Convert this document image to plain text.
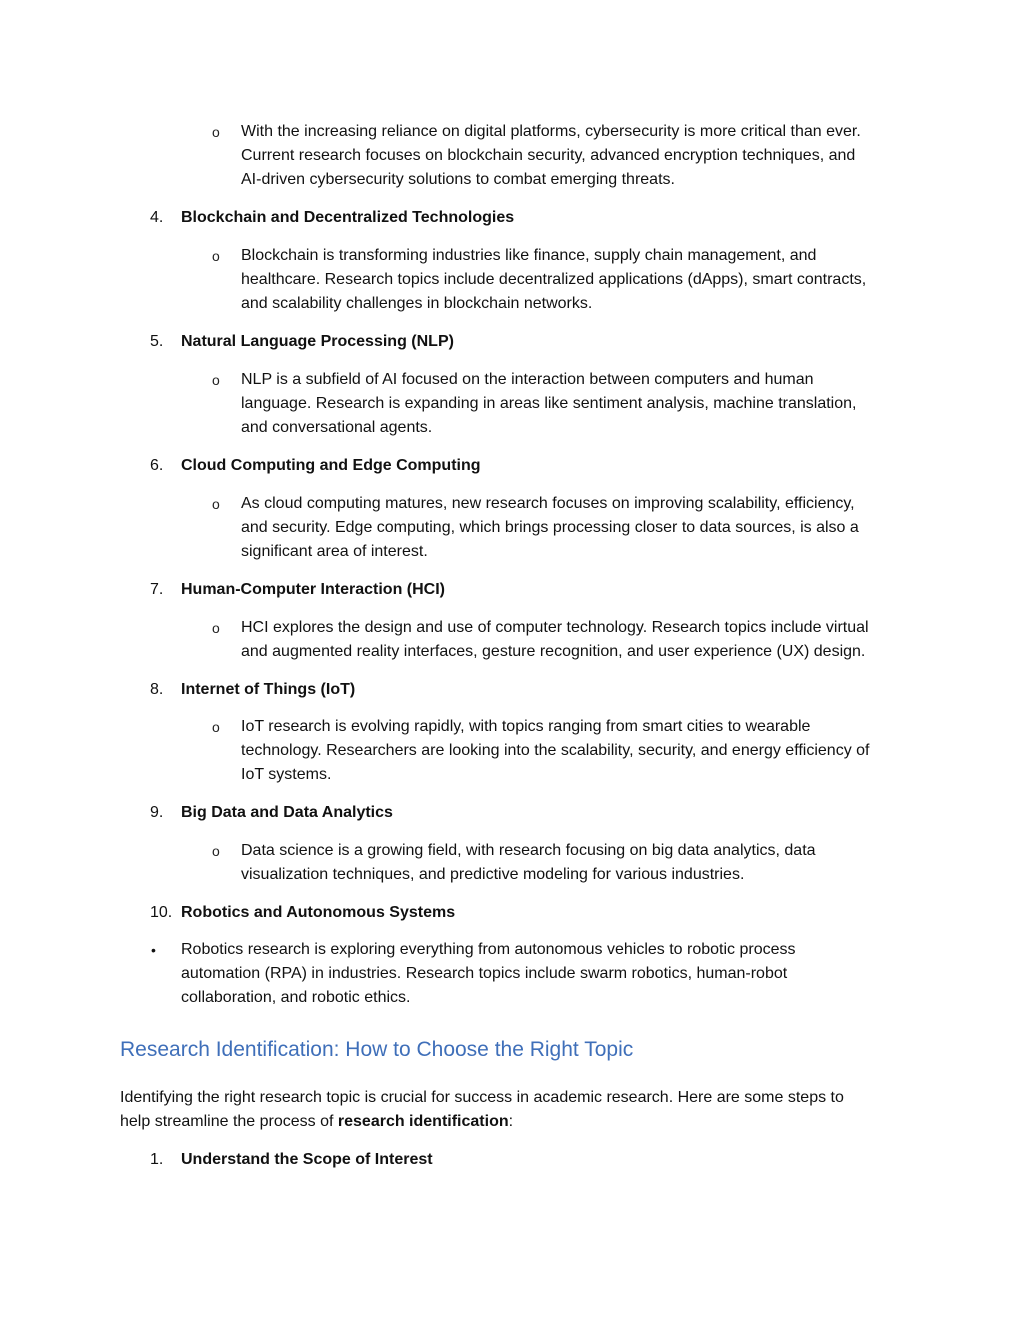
o With the increasing reliance on digital platforms, cybersecurity is more critical than ever.
Current research focuses on blockchain security, advanced encryption techniques, and
AI-driven cybersecurity solutions to combat emerging threats.

4.	Blockchain and Decentralized Technologies
o Blockchain is transforming industries like finance, supply chain management, and
healthcare. Research topics include decentralized applications (dApps), smart contracts,
and scalability challenges in blockchain networks.

5.	Natural Language Processing (NLP)
o NLP is a subfield of AI focused on the interaction between computers and human
language. Research is expanding in areas like sentiment analysis, machine translation,
and conversational agents.

6.	Cloud Computing and Edge Computing
o As cloud computing matures, new research focuses on improving scalability, efficiency,
and security. Edge computing, which brings processing closer to data sources, is also a
significant area of interest.

7.	Human-Computer Interaction (HCI)
o HCI explores the design and use of computer technology. Research topics include virtual
and augmented reality interfaces, gesture recognition, and user experience (UX) design.

8.	Internet of Things (IoT)
o IoT research is evolving rapidly, with topics ranging from smart cities to wearable
technology. Researchers are looking into the scalability, security, and energy efficiency of
IoT systems.

9.	Big Data and Data Analytics
o Data science is a growing field, with research focusing on big data analytics, data
visualization techniques, and predictive modeling for various industries.

10. Robotics and Autonomous Systems
• Robotics research is exploring everything from autonomous vehicles to robotic process
automation (RPA) in industries. Research topics include swarm robotics, human-robot
collaboration, and robotic ethics.

Research Identification: How to Choose the Right Topic

Identifying the right research topic is crucial for success in academic research. Here are some steps to
help streamline the process of research identification:

1.	Understand the Scope of Interest
